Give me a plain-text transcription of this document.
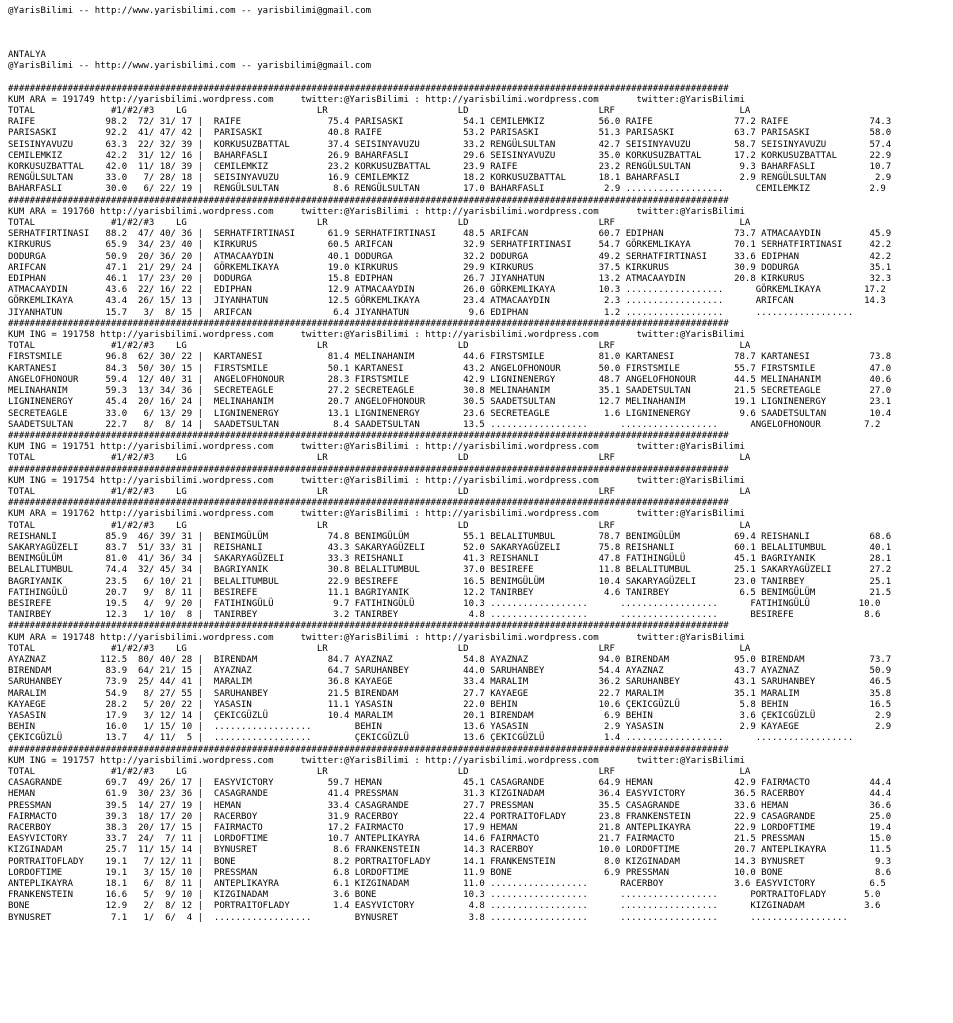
@YarisBilimi -- http://www.yarisbilimi.com -- yarisbilimi@gmail.com
ANTALYA
@YarisBilimi -- http://www.yarisbilimi.com -- yarisbilimi@gmail.com
#####################################################################################################################################
KUM ARA = 191749 http://yarisbilimi.wordpress.com     twitter:@YarisBilimi : http://yarisbilimi.wordpress.com       twitter:@YarisBilimi
TOTAL              #1/#2/#3    LG                        LR                        LD                        LRF                       LA
RAIFE             98.2  72/ 31/ 17 |  RAIFE                75.4 PARISASKI           54.1 CEMILEMKIZ          56.0 RAIFE               77.2 RAIFE               74.3
PARISASKI         92.2  41/ 47/ 42 |  PARISASKI            40.8 RAIFE               53.2 PARISASKI           51.3 PARISASKI           63.7 PARISASKI           58.0
SEISINYAVUZU      63.3  22/ 32/ 39 |  KORKUSUZBATTAL       37.4 SEISINYAVUZU        33.2 RENGÜLSULTAN        42.7 SEISINYAVUZU        58.7 SEISINYAVUZU        57.4
CEMILEMKIZ        42.2  31/ 12/ 16 |  BAHARFASLI           26.9 BAHARFASLI          29.6 SEISINYAVUZU        35.0 KORKUSUZBATTAL      17.2 KORKUSUZBATTAL      22.9
KORKUSUZBATTAL    42.0  11/ 18/ 39 |  CEMILEMKIZ           23.2 KORKUSUZBATTAL      23.9 RAIFE               23.2 RENGÜLSULTAN         9.3 BAHARFASLI          10.7
RENGÜLSULTAN      33.0   7/ 28/ 18 |  SEISINYAVUZU         16.9 CEMILEMKIZ          18.2 KORKUSUZBATTAL      18.1 BAHARFASLI           2.9 RENGÜLSULTAN         2.9
BAHARFASLI        30.0   6/ 22/ 19 |  RENGÜLSULTAN          8.6 RENGÜLSULTAN        17.0 BAHARFASLI           2.9 ..................      CEMILEMKIZ           2.9
#####################################################################################################################################
KUM ARA = 191760 http://yarisbilimi.wordpress.com     twitter:@YarisBilimi : http://yarisbilimi.wordpress.com       twitter:@YarisBilimi
TOTAL              #1/#2/#3    LG                        LR                        LD                        LRF                       LA
SERHATFIRTINASI   88.2  47/ 40/ 36 |  SERHATFIRTINASI      61.9 SERHATFIRTINASI     48.5 ARIFCAN             60.7 EDIPHAN             73.7 ATMACAAYDIN         45.9
KIRKURUS          65.9  34/ 23/ 40 |  KIRKURUS             60.5 ARIFCAN             32.9 SERHATFIRTINASI     54.7 GÖRKEMLIKAYA        70.1 SERHATFIRTINASI     42.2
DODURGA           50.9  20/ 36/ 20 |  ATMACAAYDIN          40.1 DODURGA             32.2 DODURGA             49.2 SERHATFIRTINASI     33.6 EDIPHAN             42.2
ARIFCAN           47.1  21/ 29/ 24 |  GÖRKEMLIKAYA         19.0 KIRKURUS            29.9 KIRKURUS            37.5 KIRKURUS            30.9 DODURGA             35.1
EDIPHAN           46.1  17/ 23/ 20 |  DODURGA              15.8 EDIPHAN             26.7 JIYANHATUN          13.2 ATMACAAYDIN         20.8 KIRKURUS            32.3
ATMACAAYDIN       43.6  22/ 16/ 22 |  EDIPHAN              12.9 ATMACAAYDIN         26.0 GÖRKEMLIKAYA        10.3 ..................      GÖRKEMLIKAYA        17.2
GÖRKEMLIKAYA      43.4  26/ 15/ 13 |  JIYANHATUN           12.5 GÖRKEMLIKAYA        23.4 ATMACAAYDIN          2.3 ..................      ARIFCAN             14.3
JIYANHATUN        15.7   3/  8/ 15 |  ARIFCAN               6.4 JIYANHATUN           9.6 EDIPHAN              1.2 ..................      ..................
#####################################################################################################################################
KUM ING = 191758 http://yarisbilimi.wordpress.com     twitter:@YarisBilimi : http://yarisbilimi.wordpress.com       twitter:@YarisBilimi
TOTAL              #1/#2/#3    LG                        LR                        LD                        LRF                       LA
FIRSTSMILE        96.8  62/ 30/ 22 |  KARTANESI            81.4 MELINAHANIM         44.6 FIRSTSMILE          81.0 KARTANESI           78.7 KARTANESI           73.8
KARTANESI         84.3  50/ 30/ 15 |  FIRSTSMILE           50.1 KARTANESI           43.2 ANGELOFHONOUR       50.0 FIRSTSMILE          55.7 FIRSTSMILE          47.0
ANGELOFHONOUR     59.4  12/ 40/ 31 |  ANGELOFHONOUR        28.3 FIRSTSMILE          42.9 LIGNINENERGY        48.7 ANGELOFHONOUR       44.5 MELINAHANIM         40.6
MELINAHANIM       59.3  13/ 34/ 36 |  SECRETEAGLE          27.2 SECRETEAGLE         30.8 MELINAHANIM         35.1 SAADETSULTAN        21.5 SECRETEAGLE         27.0
LIGNINENERGY      45.4  20/ 16/ 24 |  MELINAHANIM          20.7 ANGELOFHONOUR       30.5 SAADETSULTAN        12.7 MELINAHANIM         19.1 LIGNINENERGY        23.1
SECRETEAGLE       33.0   6/ 13/ 29 |  LIGNINENERGY         13.1 LIGNINENERGY        23.6 SECRETEAGLE          1.6 LIGNINENERGY         9.6 SAADETSULTAN        10.4
SAADETSULTAN      22.7   8/  8/ 14 |  SAADETSULTAN          8.4 SAADETSULTAN        13.5 ..................      ..................      ANGELOFHONOUR        7.2
#####################################################################################################################################
KUM ING = 191751 http://yarisbilimi.wordpress.com     twitter:@YarisBilimi : http://yarisbilimi.wordpress.com       twitter:@YarisBilimi
TOTAL              #1/#2/#3    LG                        LR                        LD                        LRF                       LA
#####################################################################################################################################
KUM ING = 191754 http://yarisbilimi.wordpress.com     twitter:@YarisBilimi : http://yarisbilimi.wordpress.com       twitter:@YarisBilimi
TOTAL              #1/#2/#3    LG                        LR                        LD                        LRF                       LA
#####################################################################################################################################
KUM ARA = 191762 http://yarisbilimi.wordpress.com     twitter:@YarisBilimi : http://yarisbilimi.wordpress.com       twitter:@YarisBilimi
TOTAL              #1/#2/#3    LG                        LR                        LD                        LRF                       LA
REISHANLI         85.9  46/ 39/ 31 |  BENIMGÜLÜM           74.8 BENIMGÜLÜM          55.1 BELALITUMBUL        78.7 BENIMGÜLÜM          69.4 REISHANLI           68.6
SAKARYAGÜZELI     83.7  51/ 33/ 31 |  REISHANLI            43.3 SAKARYAGÜZELI       52.0 SAKARYAGÜZELI       75.8 REISHANLI           60.1 BELALITUMBUL        40.1
BENIMGÜLÜM        81.0  41/ 36/ 34 |  SAKARYAGÜZELI        33.3 REISHANLI           41.3 REISHANLI           47.8 FATIHINGÜLÜ         45.1 BAGRIYANIK          28.1
BELALITUMBUL      74.4  32/ 45/ 34 |  BAGRIYANIK           30.8 BELALITUMBUL        37.0 BESIREFE            11.8 BELALITUMBUL        25.1 SAKARYAGÜZELI       27.2
BAGRIYANIK        23.5   6/ 10/ 21 |  BELALITUMBUL         22.9 BESIREFE            16.5 BENIMGÜLÜM          10.4 SAKARYAGÜZELI       23.0 TANIRBEY            25.1
FATIHINGÜLÜ       20.7   9/  8/ 11 |  BESIREFE             11.1 BAGRIYANIK          12.2 TANIRBEY             4.6 TANIRBEY             6.5 BENIMGÜLÜM          21.5
BESIREFE          19.5   4/  9/ 20 |  FATIHINGÜLÜ           9.7 FATIHINGÜLÜ         10.3 ..................      ..................      FATIHINGÜLÜ         10.0
TANIRBEY          12.3   1/ 10/  8 |  TANIRBEY              3.2 TANIRBEY             4.8 ..................      ..................      BESIREFE             8.6
#####################################################################################################################################
KUM ARA = 191748 http://yarisbilimi.wordpress.com     twitter:@YarisBilimi : http://yarisbilimi.wordpress.com       twitter:@YarisBilimi
TOTAL              #1/#2/#3    LG                        LR                        LD                        LRF                       LA
AYAZNAZ          112.5  80/ 40/ 28 |  BIRENDAM             84.7 AYAZNAZ             54.8 AYAZNAZ             94.0 BIRENDAM            95.0 BIRENDAM            73.7
BIRENDAM          83.9  64/ 21/ 15 |  AYAZNAZ              64.7 SARUHANBEY          44.0 SARUHANBEY          54.4 AYAZNAZ             43.7 AYAZNAZ             50.9
SARUHANBEY        73.9  25/ 44/ 41 |  MARALIM              36.8 KAYAEGE             33.4 MARALIM             36.2 SARUHANBEY          43.1 SARUHANBEY          46.5
MARALIM           54.9   8/ 27/ 55 |  SARUHANBEY           21.5 BIRENDAM            27.7 KAYAEGE             22.7 MARALIM             35.1 MARALIM             35.8
KAYAEGE           28.2   5/ 20/ 22 |  YASASIN              11.1 YASASIN             22.0 BEHIN               10.6 ÇEKICGÜZLÜ           5.8 BEHIN               16.5
YASASIN           17.9   3/ 12/ 14 |  ÇEKICGÜZLÜ           10.4 MARALIM             20.1 BIRENDAM             6.9 BEHIN                3.6 ÇEKICGÜZLÜ           2.9
BEHIN             16.0   1/ 15/ 10 |  ..................        BEHIN               13.6 YASASIN              2.9 YASASIN              2.9 KAYAEGE              2.9
ÇEKICGÜZLÜ        13.7   4/ 11/  5 |  ..................        ÇEKICGÜZLÜ          13.6 ÇEKICGÜZLÜ           1.4 ..................      ..................
#####################################################################################################################################
KUM ING = 191757 http://yarisbilimi.wordpress.com     twitter:@YarisBilimi : http://yarisbilimi.wordpress.com       twitter:@YarisBilimi
TOTAL              #1/#2/#3    LG                        LR                        LD                        LRF                       LA
CASAGRANDE        69.7  49/ 26/ 17 |  EASYVICTORY          59.7 HEMAN               45.1 CASAGRANDE          64.9 HEMAN               42.9 FAIRMACTO           44.4
HEMAN             61.9  30/ 23/ 36 |  CASAGRANDE           41.4 PRESSMAN            31.3 KIZGINADAM          36.4 EASYVICTORY         36.5 RACERBOY            44.4
PRESSMAN          39.5  14/ 27/ 19 |  HEMAN                33.4 CASAGRANDE          27.7 PRESSMAN            35.5 CASAGRANDE          33.6 HEMAN               36.6
FAIRMACTO         39.3  18/ 17/ 20 |  RACERBOY             31.9 RACERBOY            22.4 PORTRAITOFLADY      23.8 FRANKENSTEIN        22.9 CASAGRANDE          25.0
RACERBOY          38.3  20/ 17/ 15 |  FAIRMACTO            17.2 FAIRMACTO           17.9 HEMAN               21.8 ANTEPLIKAYRA        22.9 LORDOFTIME          19.4
EASYVICTORY       33.7  24/  7/ 11 |  LORDOFTIME           10.7 ANTEPLIKAYRA        14.6 FAIRMACTO           21.7 FAIRMACTO           21.5 PRESSMAN            15.0
KIZGINADAM        25.7  11/ 15/ 14 |  BYNUSRET              8.6 FRANKENSTEIN        14.3 RACERBOY            10.0 LORDOFTIME          20.7 ANTEPLIKAYRA        11.5
PORTRAITOFLADY    19.1   7/ 12/ 11 |  BONE                  8.2 PORTRAITOFLADY      14.1 FRANKENSTEIN         8.0 KIZGINADAM          14.3 BYNUSRET             9.3
LORDOFTIME        19.1   3/ 15/ 10 |  PRESSMAN              6.8 LORDOFTIME          11.9 BONE                 6.9 PRESSMAN            10.0 BONE                 8.6
ANTEPLIKAYRA      18.1   6/  8/ 11 |  ANTEPLIKAYRA          6.1 KIZGINADAM          11.0 ..................      RACERBOY             3.6 EASYVICTORY          6.5
FRANKENSTEIN      16.6   5/  9/ 10 |  KIZGINADAM            3.6 BONE                10.3 ..................      ..................      PORTRAITOFLADY       5.0
BONE              12.9   2/  8/ 12 |  PORTRAITOFLADY        1.4 EASYVICTORY          4.8 ..................      ..................      KIZGINADAM           3.6
BYNUSRET           7.1   1/  6/  4 |  ..................        BYNUSRET             3.8 ..................      ..................      ..................
